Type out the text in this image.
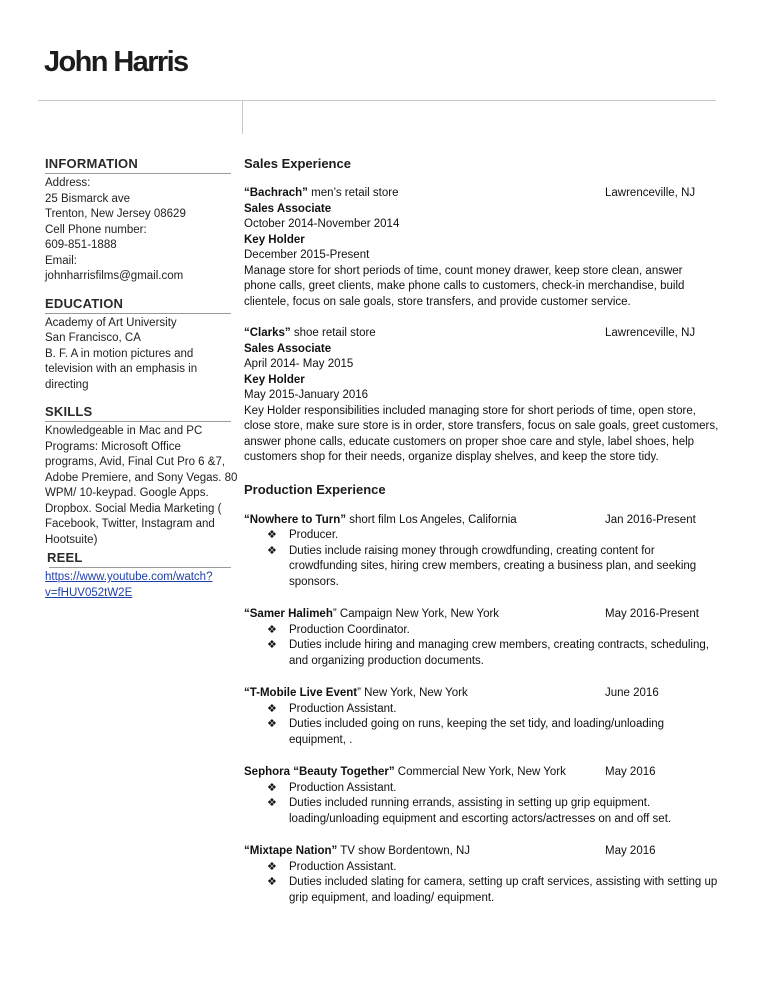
John Harris
INFORMATION
Address:
25 Bismarck ave
Trenton, New Jersey 08629
Cell Phone number:
609-851-1888
Email:
johnharrisfilms@gmail.com
EDUCATION
Academy of Art University
San Francisco, CA
B. F. A in motion pictures and
television with an emphasis in
directing
SKILLS
Knowledgeable in Mac and PC
Programs: Microsoft Office
programs, Avid, Final Cut Pro 6 &7,
Adobe Premiere, and Sony Vegas. 80
WPM/ 10-keypad. Google Apps.
Dropbox. Social Media Marketing (
Facebook, Twitter, Instagram and
Hootsuite)
REEL
https://www.youtube.com/watch?
v=fHUV052tW2E
Sales Experience
“Bachrach” men’s retail store	Lawrenceville, NJ
Sales Associate
October 2014-November 2014
Key Holder
December 2015-Present
Manage store for short periods of time, count money drawer, keep store clean, answer
phone calls, greet clients, make phone calls to customers, check-in merchandise, build
clientele, focus on sale goals, store transfers, and provide customer service.
“Clarks” shoe retail store	Lawrenceville, NJ
Sales Associate
April 2014- May 2015
Key Holder
May 2015-January 2016
Key Holder responsibilities included managing store for short periods of time, open store,
close store, make sure store is in order, store transfers, focus on sale goals, greet customers,
answer phone calls, educate customers on proper shoe care and style, label shoes, help
customers shop for their needs, organize display shelves, and keep the store tidy.
Production Experience
“Nowhere to Turn” short film Los Angeles, California	Jan 2016-Present
❖ Producer.
❖ Duties include raising money through crowdfunding, creating content for
crowdfunding sites, hiring crew members, creating a business plan, and seeking
sponsors.
“Samer Halimeh” Campaign New York, New York	May 2016-Present
❖ Production Coordinator.
❖ Duties include hiring and managing crew members, creating contracts, scheduling,
and organizing production documents.
“T-Mobile Live Event” New York, New York	June 2016
❖ Production Assistant.
❖ Duties included going on runs, keeping the set tidy, and loading/unloading
equipment, .
Sephora “Beauty Together” Commercial New York, New York	May 2016
❖ Production Assistant.
❖ Duties included running errands, assisting in setting up grip equipment.
loading/unloading equipment and escorting actors/actresses on and off set.
“Mixtape Nation” TV show Bordentown, NJ	May 2016
❖ Production Assistant.
❖ Duties included slating for camera, setting up craft services, assisting with setting up
grip equipment, and loading/ equipment.
